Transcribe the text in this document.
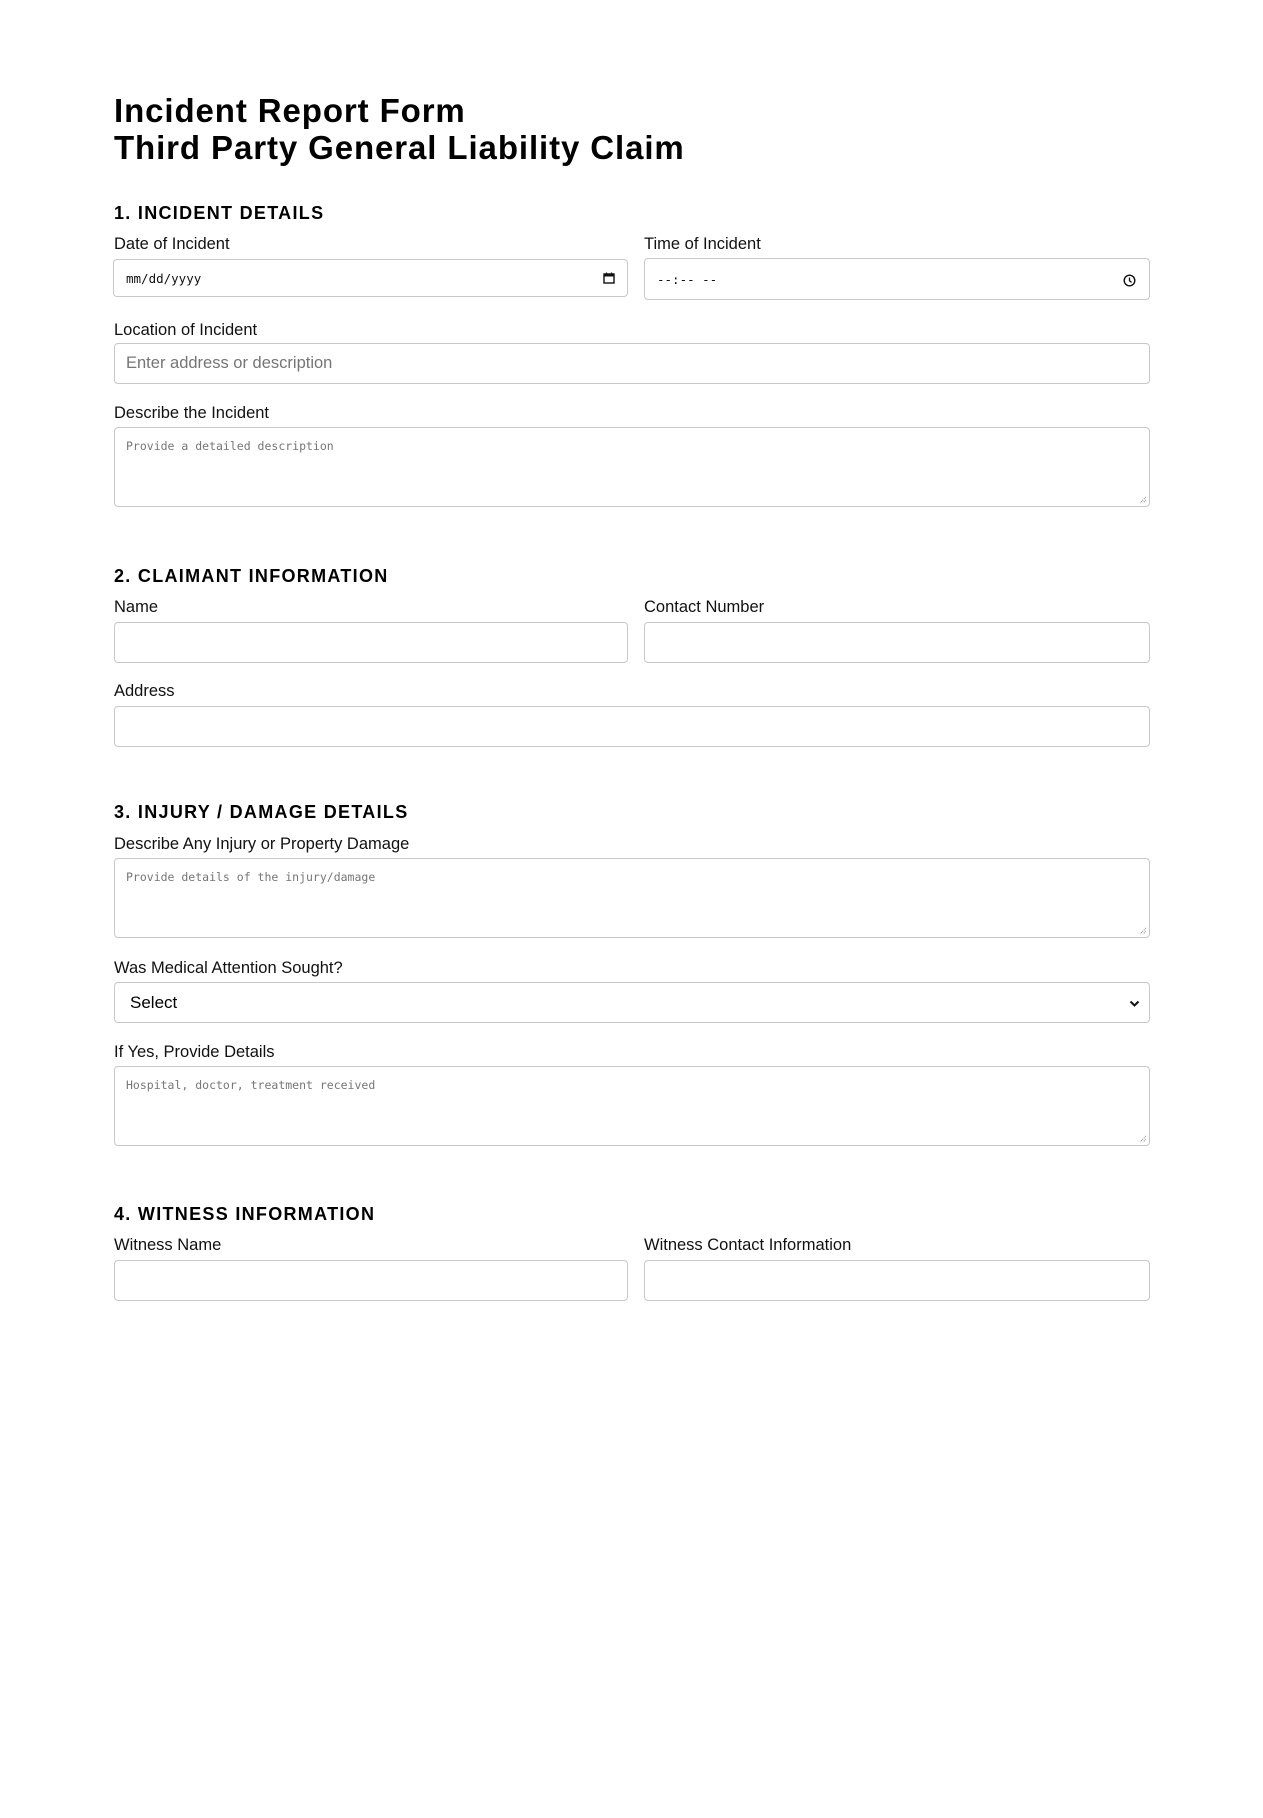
Incident Report Form
Third Party General Liability Claim
1. INCIDENT DETAILS
Date of Incident
mm/dd/yyyy
Time of Incident
--:-- --
Location of Incident
Enter address or description
Describe the Incident
Provide a detailed description
2. CLAIMANT INFORMATION
Name	Contact Number
Address
3. INJURY / DAMAGE DETAILS
Describe Any Injury or Property Damage
Provide details of the injury/damage
Was Medical Attention Sought?
Select
If Yes, Provide Details
Hospital, doctor, treatment received
4. WITNESS INFORMATION
Witness Name	Witness Contact Information
